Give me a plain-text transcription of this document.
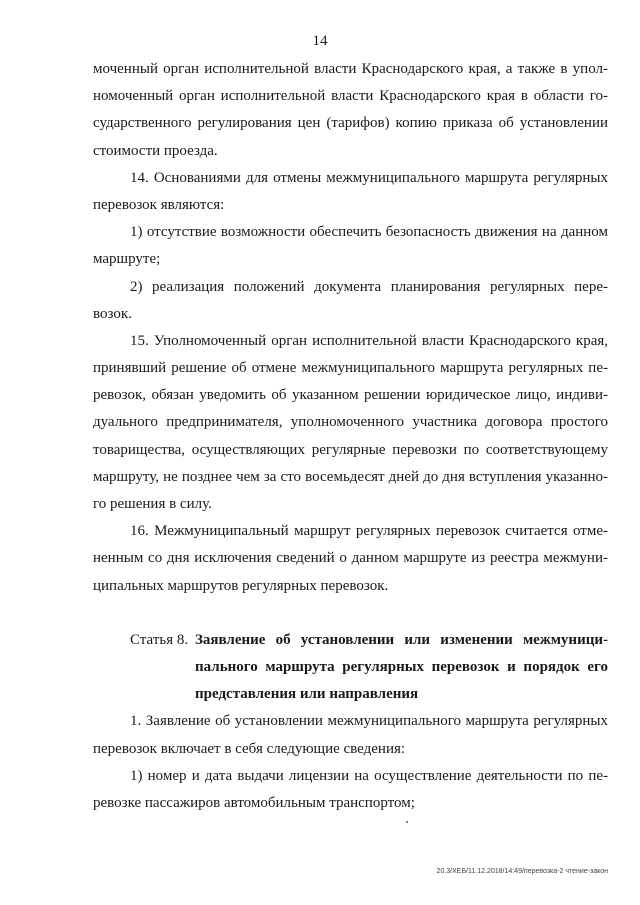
14
моченный орган исполнительной власти Краснодарского края, а также в упол-
номоченный орган исполнительной власти Краснодарского края в области го-
сударственного регулирования цен (тарифов) копию приказа об установлении
стоимости проезда.
14. Основаниями для отмены межмуниципального маршрута регулярных
перевозок являются:
1) отсутствие возможности обеспечить безопасность движения на данном
маршруте;
2) реализация положений документа планирования регулярных пере-
возок.
15. Уполномоченный орган исполнительной власти Краснодарского края,
принявший решение об отмене межмуниципального маршрута регулярных пе-
ревозок, обязан уведомить об указанном решении юридическое лицо, индиви-
дуального предпринимателя, уполномоченного участника договора простого
товарищества, осуществляющих регулярные перевозки по соответствующему
маршруту, не позднее чем за сто восемьдесят дней до дня вступления указанно-
го решения в силу.
16. Межмуниципальный маршрут регулярных перевозок считается отме-
ненным со дня исключения сведений о данном маршруте из реестра межмуни-
ципальных маршрутов регулярных перевозок.
Статья 8. Заявление об установлении или изменении межмуници-
пального маршрута регулярных перевозок и порядок его
представления или направления
1. Заявление об установлении межмуниципального маршрута регулярных
перевозок включает в себя следующие сведения:
1) номер и дата выдачи лицензии на осуществление деятельности по пе-
ревозке пассажиров автомобильным транспортом;
20.3/ХЕБ/11.12.2018/14:49/перевозка-2 чтение-закон
